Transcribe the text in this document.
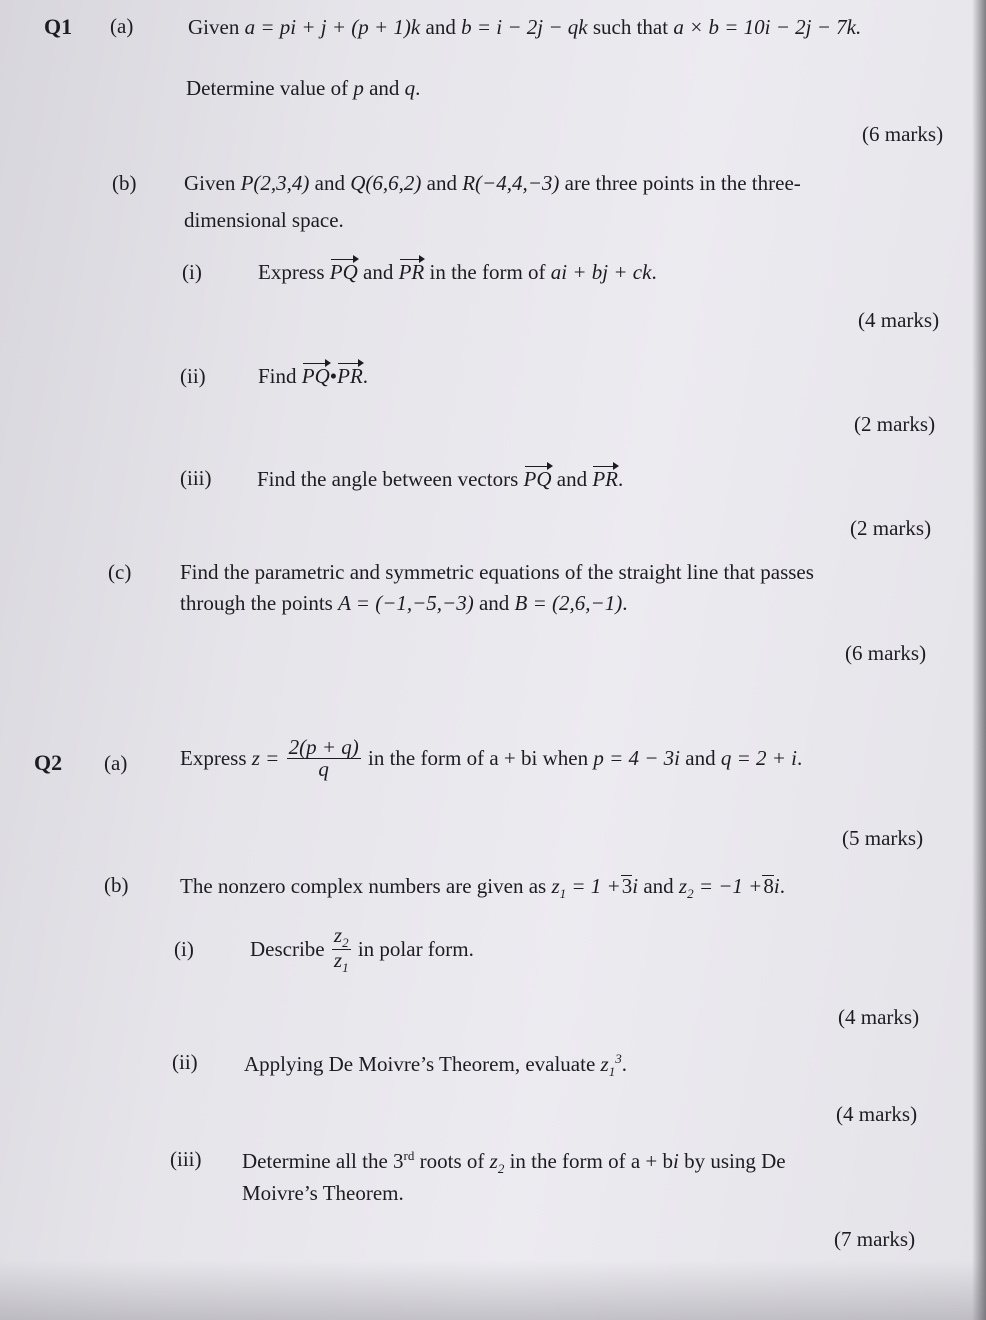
Q1 (a)	Given a = pi + j + (p + 1)k and b = i − 2j − qk such that a × b = 10i − 2j − 7k.
Determine value of p and q.
(6 marks)
(b) Given P(2,3,4) and Q(6,6,2) and R(−4,4,−3) are three points in the three-
dimensional space.
(i)	Express PQ and PR in the form of ai + bj + ck.
(4 marks)
(ii) Find PQ•PR.
(2 marks)
(iii) Find the angle between vectors PQ and PR.
(2 marks)
(c) Find the parametric and symmetric equations of the straight line that passes
through the points A = (−1,−5,−3) and B = (2,6,−1).
(6 marks)
Q2 (a)	Express $z = \frac{2(p + q)}{q}$ in the form of a + bi when p = 4 − 3i and q = 2 + i.
(5 marks)
(b) The nonzero complex numbers are given as $z_1 = 1 +3i$ and $z_2 = -1 +8i$.
(i)	Describe $\frac{z_2}{z_1}$ in polar form.
(4 marks)
(ii) Applying De Moivre’s Theorem, evaluate $z_1^3$.
(4 marks)
(iii) Determine all the 3rd roots of $z_2$ in the form of a + bi by using De
Moivre’s Theorem.
(7 marks)
